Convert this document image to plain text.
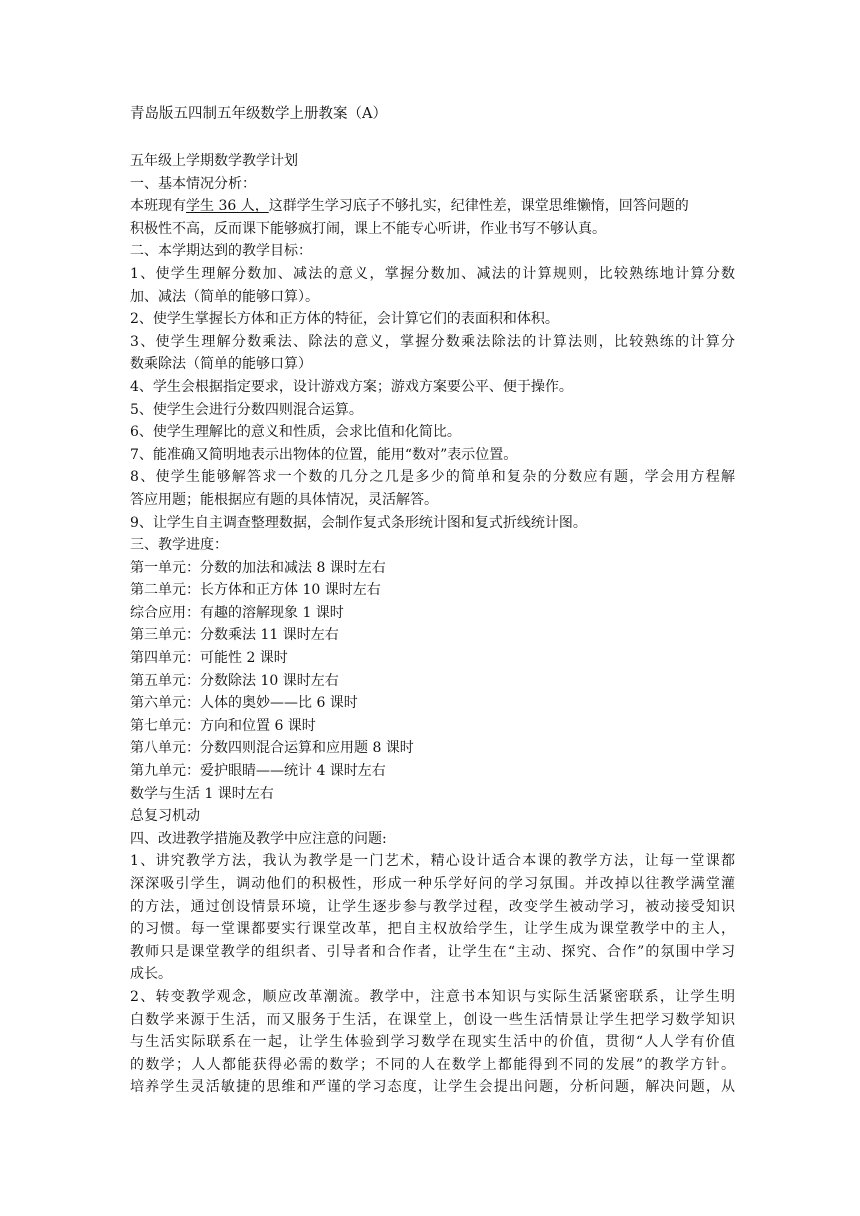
青岛版五四制五年级数学上册教案（A）

五年级上学期数学教学计划

一、基本情况分析：

本班现有学生 36 人，这群学生学习底子不够扎实，纪律性差，课堂思维懒惰，回答问题的

积极性不高，反而课下能够疯打闹，课上不能专心听讲，作业书写不够认真。

二、本学期达到的教学目标：

1、使学生理解分数加、减法的意义，掌握分数加、减法的计算规则，比较熟练地计算分数

加、减法（简单的能够口算）。

2、使学生掌握长方体和正方体的特征，会计算它们的表面积和体积。

3、使学生理解分数乘法、除法的意义，掌握分数乘法除法的计算法则，比较熟练的计算分

数乘除法（简单的能够口算）

4、学生会根据指定要求，设计游戏方案；游戏方案要公平、便于操作。

5、使学生会进行分数四则混合运算。

6、使学生理解比的意义和性质，会求比值和化简比。

7、能准确又简明地表示出物体的位置，能用“数对”表示位置。

8、使学生能够解答求一个数的几分之几是多少的简单和复杂的分数应有题，学会用方程解

答应用题；能根据应有题的具体情况，灵活解答。

9、让学生自主调查整理数据，会制作复式条形统计图和复式折线统计图。

三、教学进度：

第一单元：分数的加法和减法 8 课时左右

第二单元：长方体和正方体 10 课时左右

综合应用：有趣的溶解现象 1 课时

第三单元：分数乘法 11 课时左右

第四单元：可能性 2 课时

第五单元：分数除法 10 课时左右

第六单元：人体的奥妙——比 6 课时

第七单元：方向和位置 6 课时

第八单元：分数四则混合运算和应用题 8 课时

第九单元：爱护眼睛——统计 4 课时左右

数学与生活 1 课时左右

总复习机动

四、改进教学措施及教学中应注意的问题:

1、讲究教学方法，我认为教学是一门艺术，精心设计适合本课的教学方法，让每一堂课都

深深吸引学生，调动他们的积极性，形成一种乐学好问的学习氛围。并改掉以往教学满堂灌

的方法，通过创设情景环境，让学生逐步参与教学过程，改变学生被动学习，被动接受知识

的习惯。每一堂课都要实行课堂改革，把自主权放给学生，让学生成为课堂教学中的主人，

教师只是课堂教学的组织者、引导者和合作者，让学生在“主动、探究、合作”的氛围中学习

成长。

2、转变教学观念，顺应改革潮流。教学中，注意书本知识与实际生活紧密联系，让学生明

白数学来源于生活，而又服务于生活，在课堂上，创设一些生活情景让学生把学习数学知识

与生活实际联系在一起，让学生体验到学习数学在现实生活中的价值，贯彻“人人学有价值

的数学；人人都能获得必需的数学；不同的人在数学上都能得到不同的发展”的教学方针。

培养学生灵活敏捷的思维和严谨的学习态度，让学生会提出问题，分析问题，解决问题，从
